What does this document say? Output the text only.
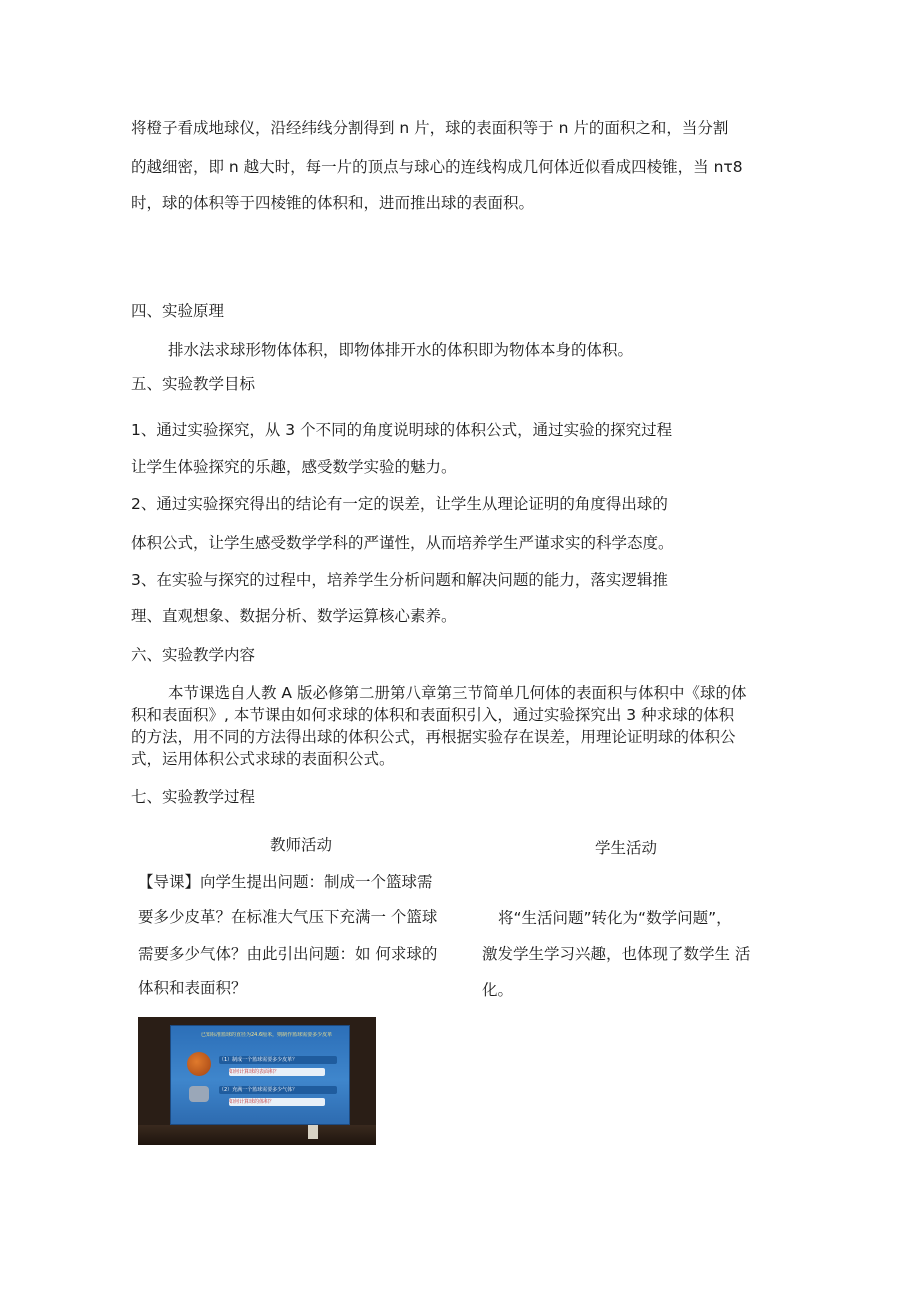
将橙子看成地球仪，沿经纬线分割得到 n 片，球的表面积等于 n 片的面积之和，当分割
的越细密，即 n 越大时，每一片的顶点与球心的连线构成几何体近似看成四棱锥，当 nτ8
时，球的体积等于四棱锥的体积和，进而推出球的表面积。
四、实验原理
排水法求球形物体体积，即物体排开水的体积即为物体本身的体积。
五、实验教学目标
1、通过实验探究，从 3 个不同的角度说明球的体积公式，通过实验的探究过程
让学生体验探究的乐趣，感受数学实验的魅力。
2、通过实验探究得出的结论有一定的误差，让学生从理论证明的角度得出球的
体积公式，让学生感受数学学科的严谨性，从而培养学生严谨求实的科学态度。
3、在实验与探究的过程中，培养学生分析问题和解决问题的能力，落实逻辑推
理、直观想象、数据分析、数学运算核心素养。
六、实验教学内容
本节课选自人教 A 版必修第二册第八章第三节简单几何体的表面积与体积中《球的体
积和表面积》, 本节课由如何求球的体积和表面积引入，通过实验探究出 3 种求球的体积
的方法，用不同的方法得出球的体积公式，再根据实验存在误差，用理论证明球的体积公
式，运用体积公式求球的表面积公式。
七、实验教学过程
教师活动	学生活动
【导课】向学生提出问题：制成一个篮球需
要多少皮革？在标准大气压下充满一 个篮球
需要多少气体？由此引出问题：如 何求球的
体积和表面积？
将“生活问题”转化为“数学问题”，
激发学生学习兴趣，也体现了数学生 活
化。
已知标准篮球的直径为24.6厘米，则制作篮球需要多少皮革
（1）制成一个篮球需要多少皮革？
如何计算球的表面积？
（2）充满一个篮球需要多少气体？
如何计算球的体积？
